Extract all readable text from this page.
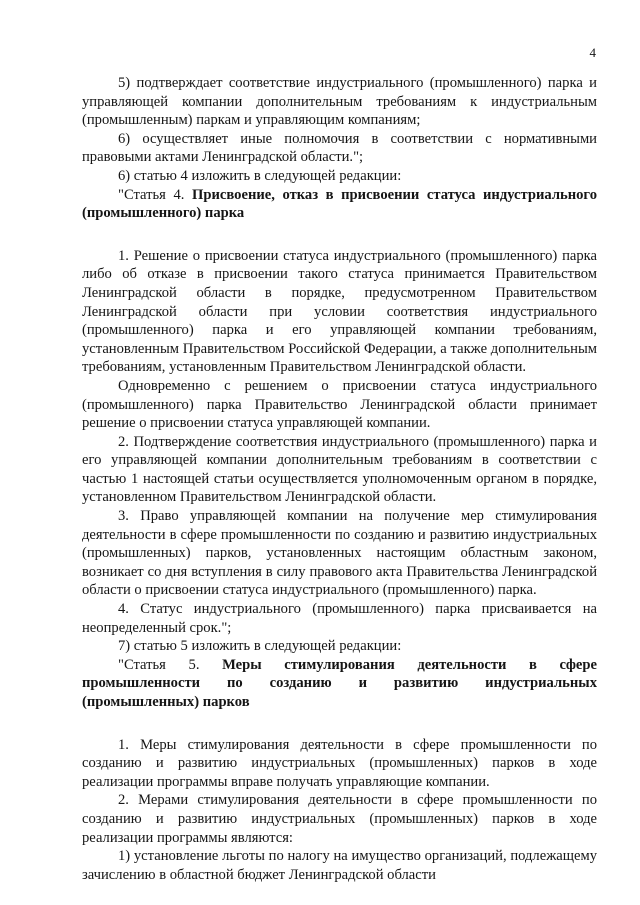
4

5) подтверждает соответствие индустриального (промышленного) парка и управляющей компании дополнительным требованиям к индустриальным (промышленным) паркам и управляющим компаниям;

6) осуществляет иные полномочия в соответствии с нормативными правовыми актами Ленинградской области.";

6) статью 4 изложить в следующей редакции:

"Статья 4. Присвоение, отказ в присвоении статуса индустриального (промышленного) парка

1. Решение о присвоении статуса индустриального (промышленного) парка либо об отказе в присвоении такого статуса принимается Правительством Ленинградской области в порядке, предусмотренном Правительством Ленинградской области при условии соответствия индустриального (промышленного) парка и его управляющей компании требованиям, установленным Правительством Российской Федерации, а также дополнительным требованиям, установленным Правительством Ленинградской области.

Одновременно с решением о присвоении статуса индустриального (промышленного) парка Правительство Ленинградской области принимает решение о присвоении статуса управляющей компании.

2. Подтверждение соответствия индустриального (промышленного) парка и его управляющей компании дополнительным требованиям в соответствии с частью 1 настоящей статьи осуществляется уполномоченным органом в порядке, установленном Правительством Ленинградской области.

3. Право управляющей компании на получение мер стимулирования деятельности в сфере промышленности по созданию и развитию индустриальных (промышленных) парков, установленных настоящим областным законом, возникает со дня вступления в силу правового акта Правительства Ленинградской области о присвоении статуса индустриального (промышленного) парка.

4. Статус индустриального (промышленного) парка присваивается на неопределенный срок.";

7) статью 5 изложить в следующей редакции:

"Статья 5. Меры стимулирования деятельности в сфере промышленности по созданию и развитию индустриальных (промышленных) парков

1. Меры стимулирования деятельности в сфере промышленности по созданию и развитию индустриальных (промышленных) парков в ходе реализации программы вправе получать управляющие компании.

2. Мерами стимулирования деятельности в сфере промышленности по созданию и развитию индустриальных (промышленных) парков в ходе реализации программы являются:

1) установление льготы по налогу на имущество организаций, подлежащему зачислению в областной бюджет Ленинградской области
